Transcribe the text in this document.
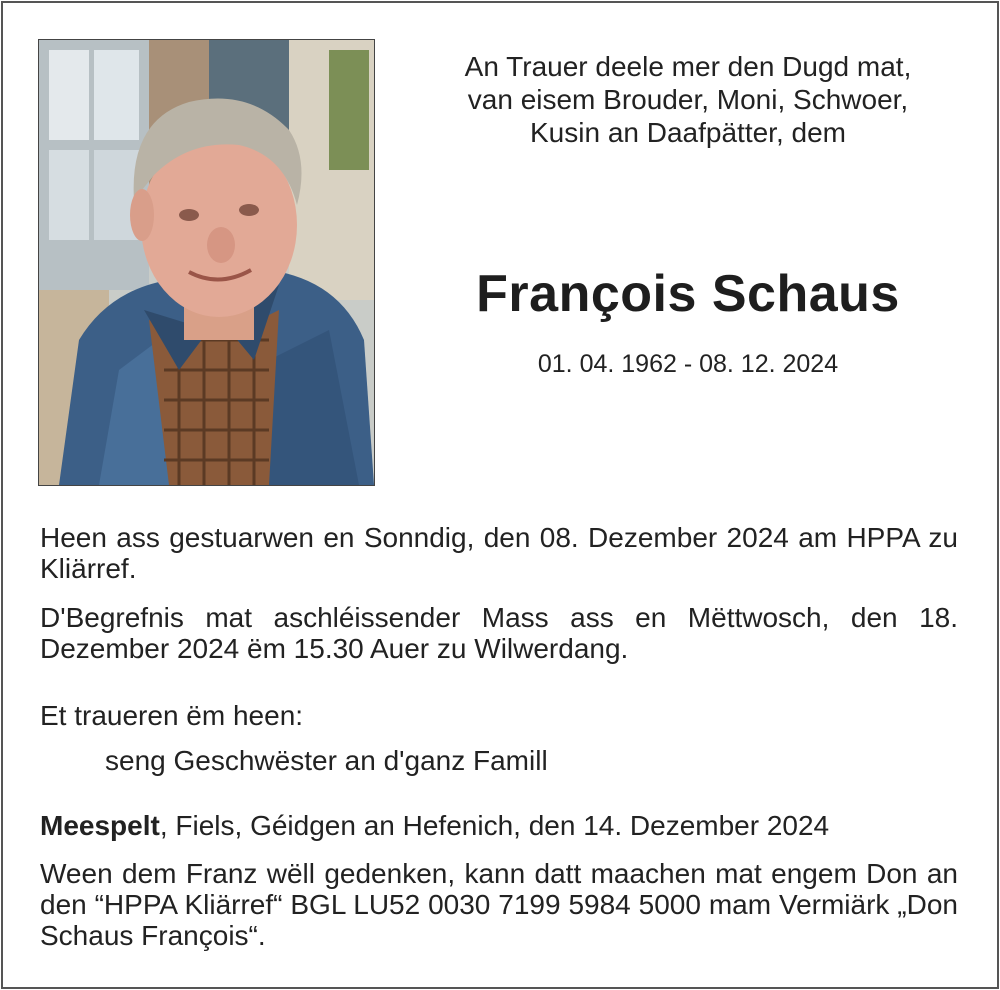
An Trauer deele mer den Dugd mat,
van eisem Brouder, Moni, Schwoer,
Kusin an Daafpätter, dem
François Schaus
01. 04. 1962 - 08. 12. 2024
Heen ass gestuarwen en Sonndig, den 08. Dezember 2024 am HPPA zu Kliärref.
D'Begrefnis mat aschléissender Mass ass en Mëttwosch, den 18. Dezember 2024 ëm 15.30 Auer zu Wilwerdang.
Et traueren ëm heen:
seng Geschwëster an d'ganz Famill
Meespelt, Fiels, Géidgen an Hefenich, den 14. Dezember 2024
Ween dem Franz wëll gedenken, kann datt maachen mat engem Don an den “HPPA Kliärref“ BGL LU52 0030 7199 5984 5000 mam Vermiärk „Don Schaus François“.
